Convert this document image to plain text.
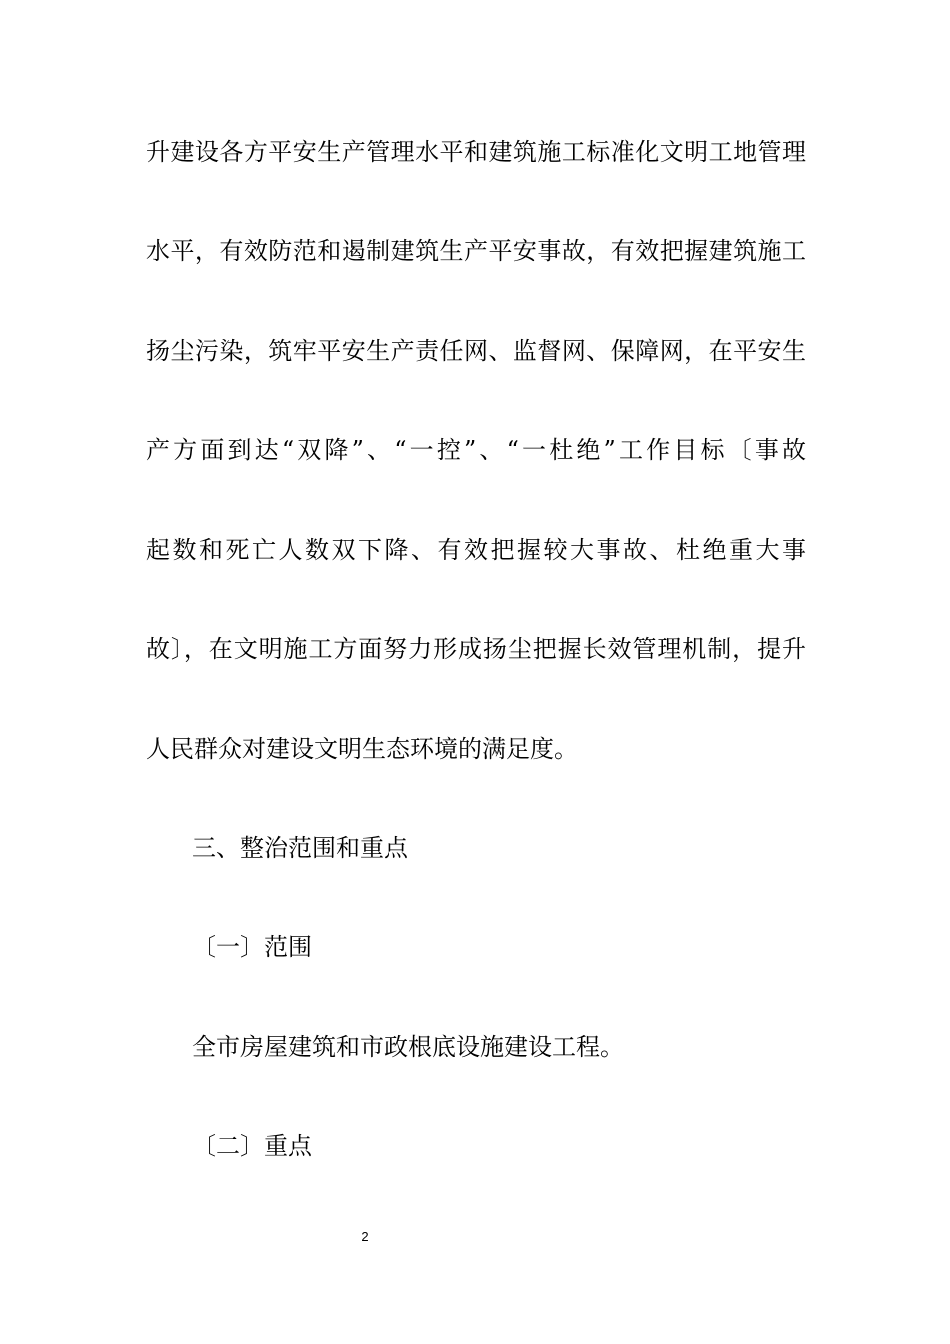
升建设各方平安生产管理水平和建筑施工标准化文明工地管理

水平，有效防范和遏制建筑生产平安事故，有效把握建筑施工

扬尘污染，筑牢平安生产责任网、监督网、保障网，在平安生

产方面到达“双降”、“一控”、“一杜绝”工作目标〔事故

起数和死亡人数双下降、有效把握较大事故、杜绝重大事

故〕，在文明施工方面努力形成扬尘把握长效管理机制，提升

人民群众对建设文明生态环境的满足度。

三、整治范围和重点

〔一〕范围

全市房屋建筑和市政根底设施建设工程。

〔二〕重点

2
